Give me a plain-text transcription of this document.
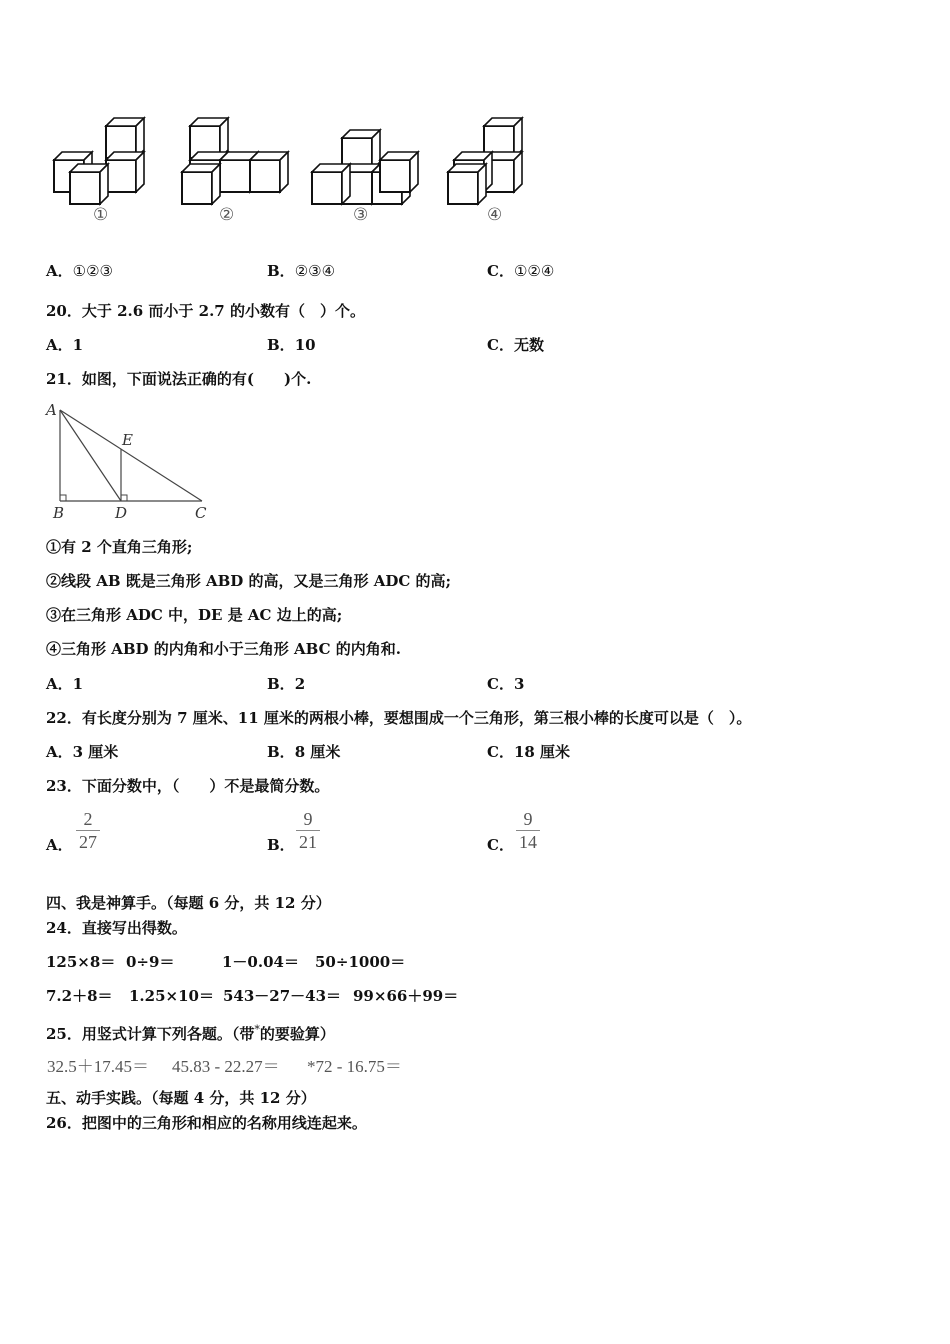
①	②	③	④
A．①②③	B．②③④	C．①②④
20．大于 2.6 而小于 2.7 的小数有（　）个。
A．1	B．10	C．无数
21．如图，下面说法正确的有(　　)个.
A
E
B	D	C
①有 2 个直角三角形;
②线段 AB 既是三角形 ABD 的高，又是三角形 ADC 的高;
③在三角形 ADC 中，DE 是 AC 边上的高;
④三角形 ABD 的内角和小于三角形 ABC 的内角和.
A．1	B．2	C．3
22．有长度分别为 7 厘米、11 厘米的两根小棒，要想围成一个三角形，第三根小棒的长度可以是（　）。
A．3 厘米	B．8 厘米	C．18 厘米
23．下面分数中，（　　）不是最简分数。
A． $\frac{2}{27}$	B． $\frac{9}{21}$	C． $\frac{9}{14}$
四、我是神算手。（每题 6 分，共 12 分）
24．直接写出得数。
125×8＝ 0÷9＝	1－0.04＝ 50÷1000＝
7.2＋8＝ 1.25×10＝ 543－27－43＝ 99×66＋99＝
25．用竖式计算下列各题。（带*的要验算）
32.5＋17.45＝ 45.83 - 22.27＝ *72 - 16.75＝
五、动手实践。（每题 4 分，共 12 分）
26．把图中的三角形和相应的名称用线连起来。
